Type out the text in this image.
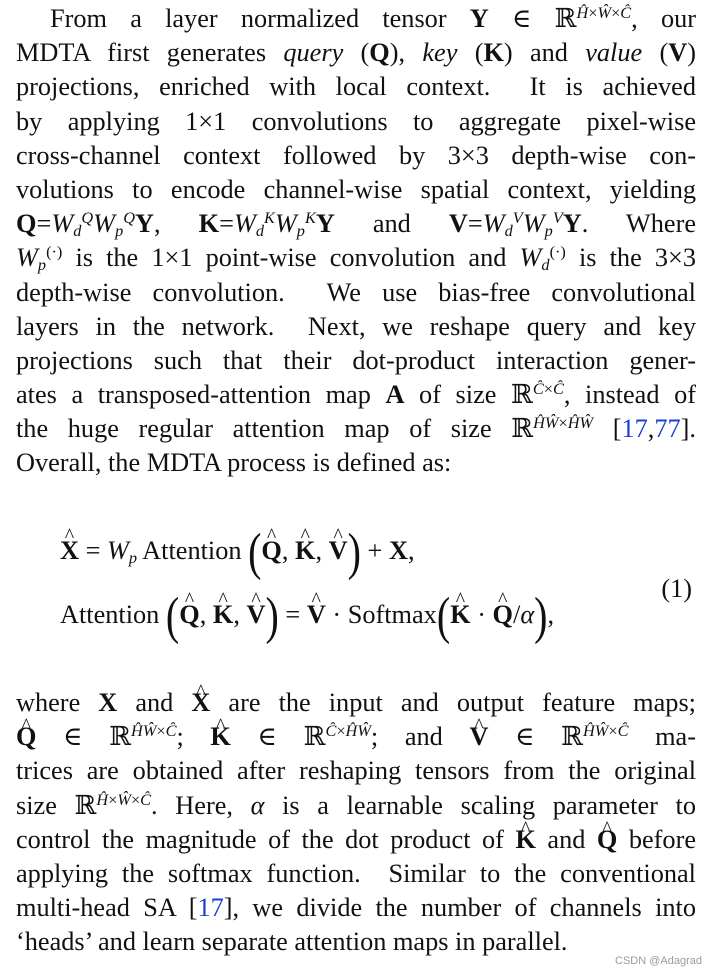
From a layer normalized tensor Y ∈ ℝ$^{Ĥ\times Ŵ\times Ĉ}$, our
MDTA first generates query (Q), key (K) and value (V)
projections, enriched with local context.  It is achieved
by applying 1×1 convolutions to aggregate pixel-wise
cross-channel context followed by 3×3 depth-wise con-
volutions to encode channel-wise spatial context, yielding
$Q=W_d^QW_p^QY$, $K=W_d^KW_p^KY$ and $V=W_d^VW_p^VY$. Where
$W_p^{(\cdot)}$ is the 1×1 point-wise convolution and $W_d^{(\cdot)}$ is the 3×3
depth-wise convolution.  We use bias-free convolutional
layers in the network.  Next, we reshape query and key
projections such that their dot-product interaction gener-
ates a transposed-attention map A of size ℝ$^{Ĉ\times Ĉ}$, instead of
the huge regular attention map of size ℝ$^{ĤŴ\times ĤŴ}$ [17,77].
Overall, the MDTA process is defined as:
^ $X = W_p$ Attention (^ Q, ^ K, ^ V) + X,
Attention (^ Q, ^ K, ^ V) = ^ V · Softmax(^ K · ^ Q/α),
(1)
where X and ^ X are the input and output feature maps;
^ Q ∈ ℝ$^{ĤŴ\times Ĉ}$; ^ K ∈ ℝ$^{Ĉ\times ĤŴ}$; and ^ V ∈ ℝ$^{ĤŴ\times Ĉ}$ ma-
trices are obtained after reshaping tensors from the original
size ℝ$^{Ĥ\times Ŵ\times Ĉ}$. Here, α is a learnable scaling parameter to
control the magnitude of the dot product of ^ K and ^ Q before
applying the softmax function.  Similar to the conventional
multi-head SA [17], we divide the number of channels into
‘heads’ and learn separate attention maps in parallel.
CSDN @Adagrad
